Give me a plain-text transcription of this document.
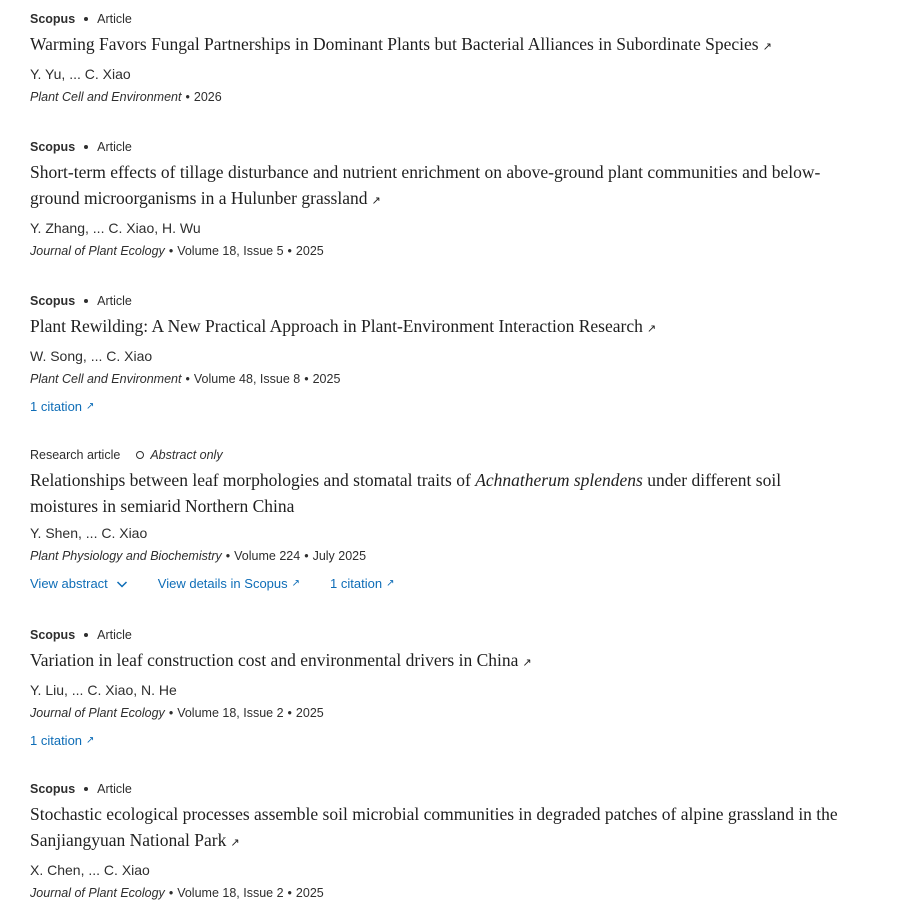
Scopus Article
Warming Favors Fungal Partnerships in Dominant Plants but Bacterial Alliances in Subordinate Species ↗
Y. Yu, ... C. Xiao
Plant Cell and Environment • 2026
Scopus Article
Short-term effects of tillage disturbance and nutrient enrichment on above-ground plant communities and below-ground microorganisms in a Hulunber grassland ↗
Y. Zhang, ... C. Xiao, H. Wu
Journal of Plant Ecology • Volume 18, Issue 5 • 2025
Scopus Article
Plant Rewilding: A New Practical Approach in Plant-Environment Interaction Research ↗
W. Song, ... C. Xiao
Plant Cell and Environment • Volume 48, Issue 8 • 2025
1 citation ↗
Research article Abstract only
Relationships between leaf morphologies and stomatal traits of Achnatherum splendens under different soil moistures in semiarid Northern China
Y. Shen, ... C. Xiao
Plant Physiology and Biochemistry • Volume 224 • July 2025
View abstract	View details in Scopus ↗ 1 citation ↗
Scopus Article
Variation in leaf construction cost and environmental drivers in China ↗
Y. Liu, ... C. Xiao, N. He
Journal of Plant Ecology • Volume 18, Issue 2 • 2025
1 citation ↗
Scopus Article
Stochastic ecological processes assemble soil microbial communities in degraded patches of alpine grassland in the Sanjiangyuan National Park ↗
X. Chen, ... C. Xiao
Journal of Plant Ecology • Volume 18, Issue 2 • 2025
